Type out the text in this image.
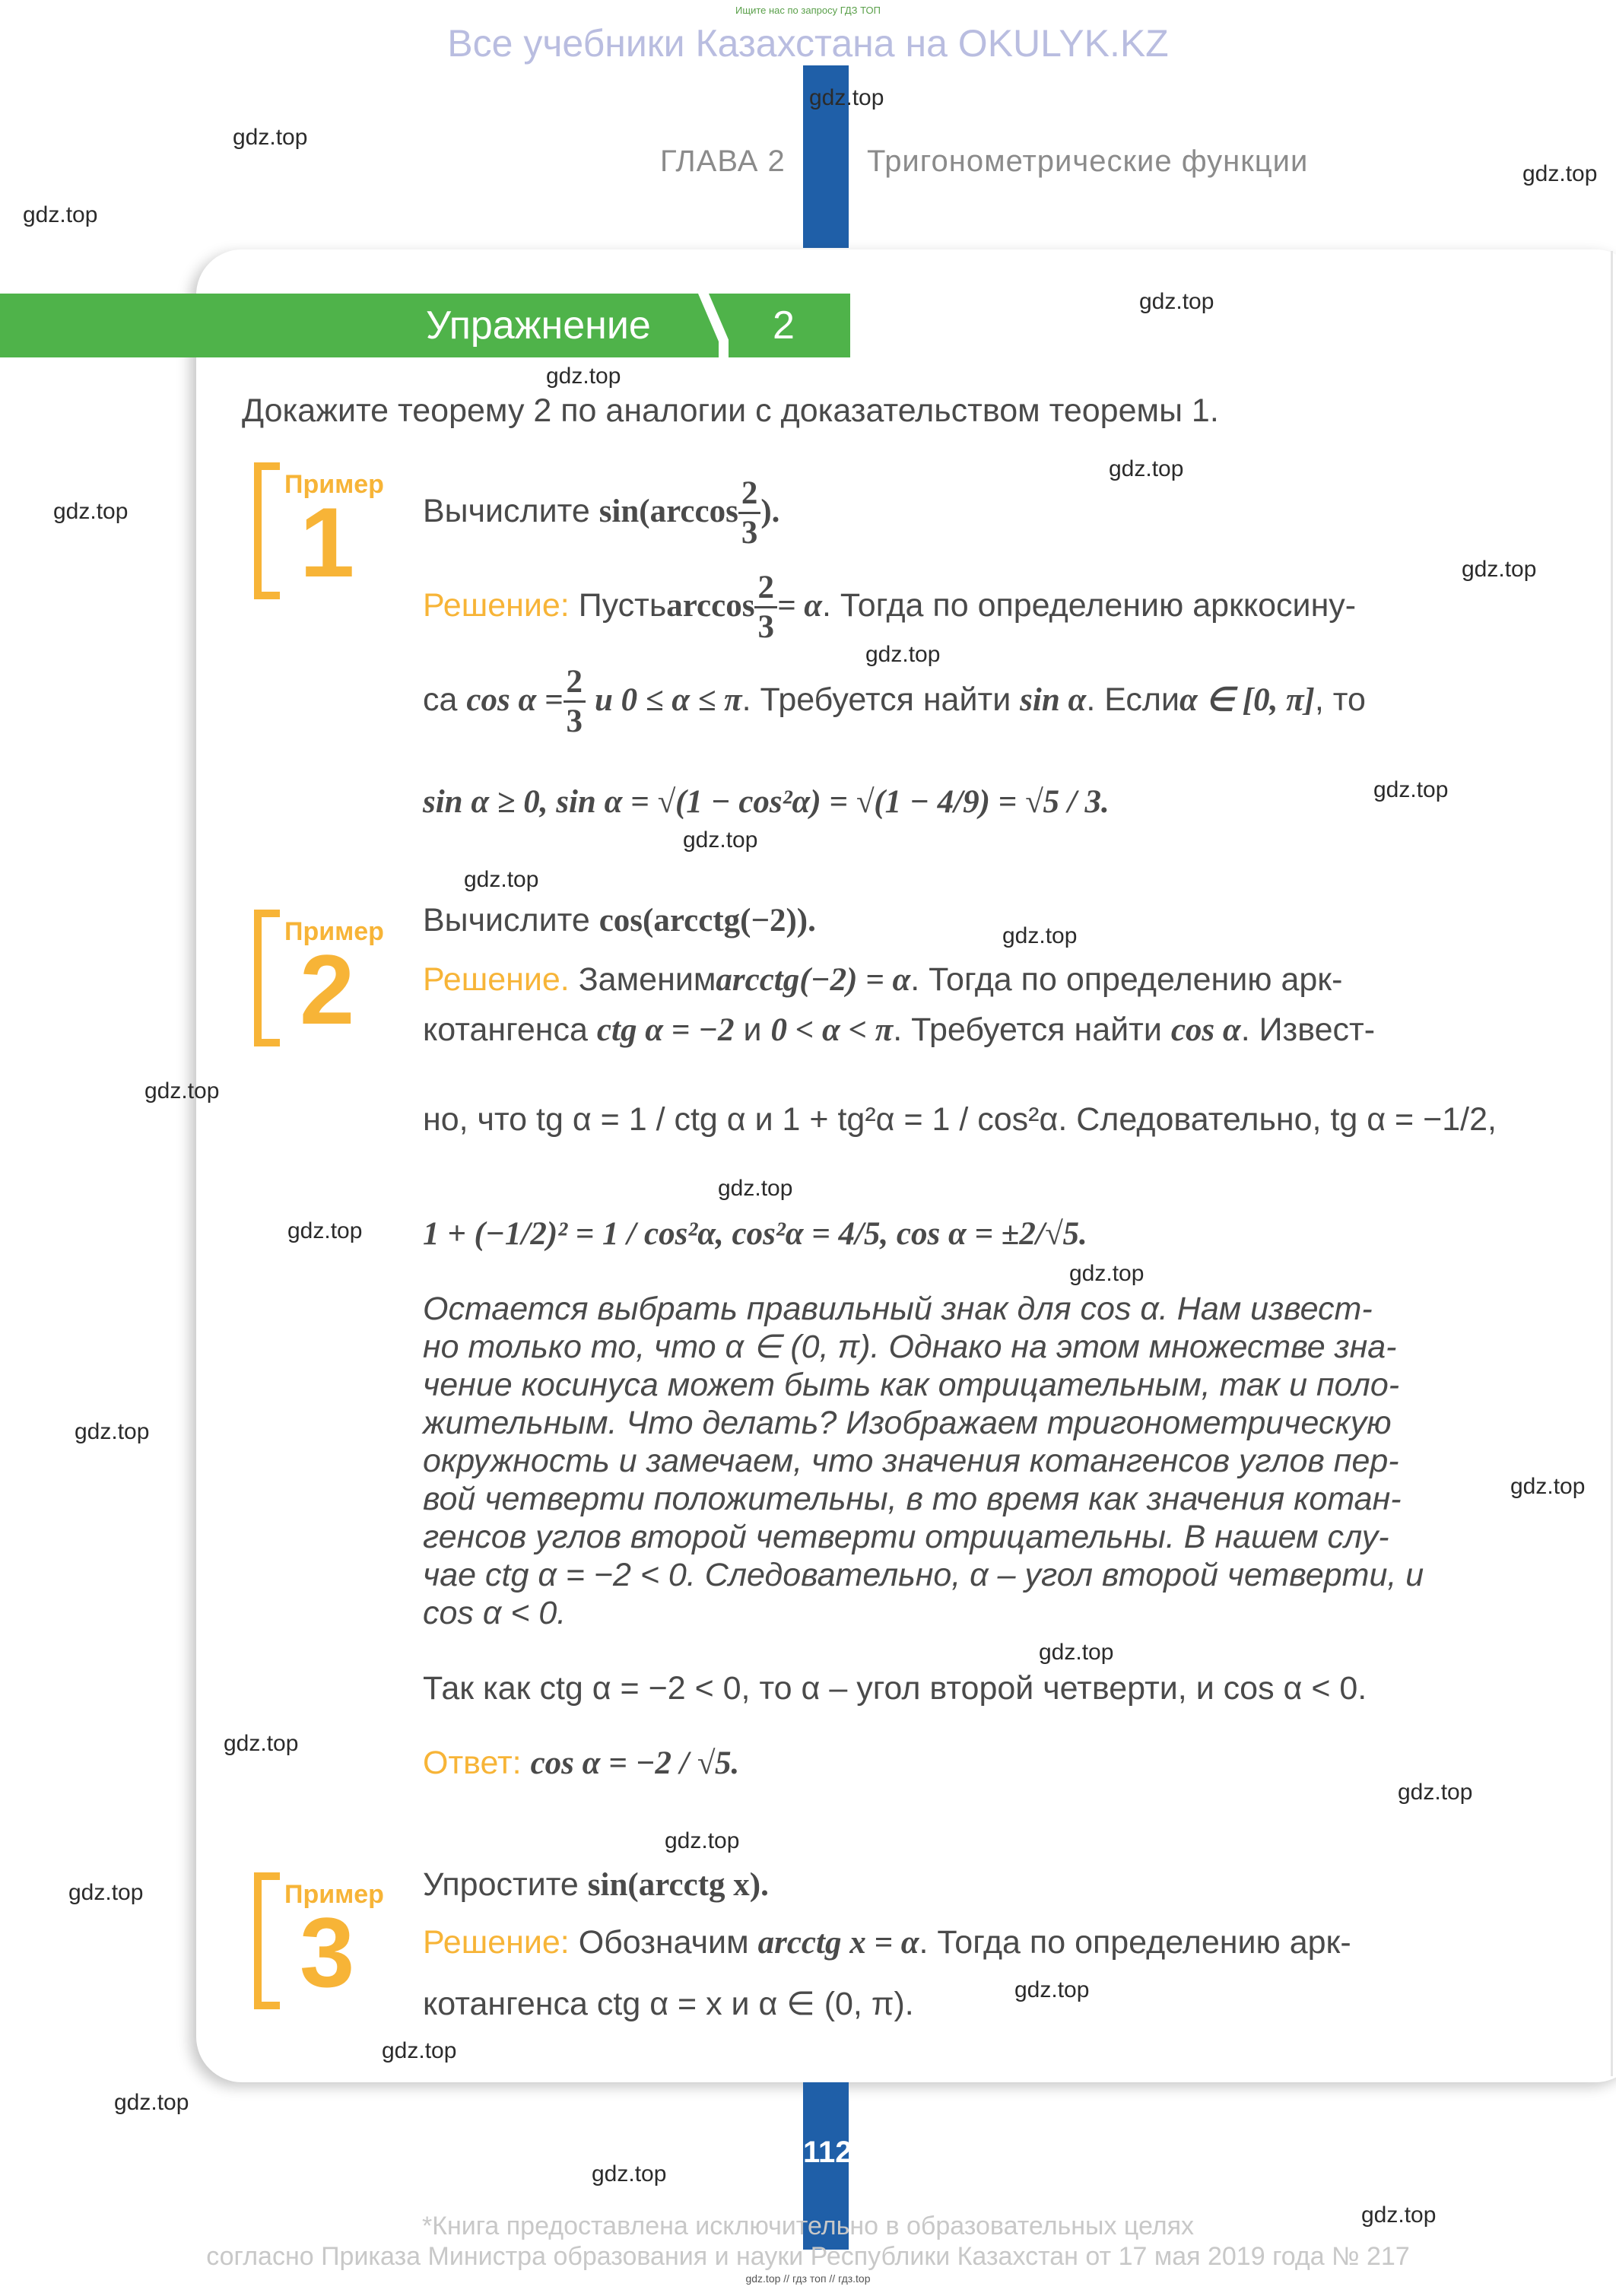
Ищите нас по запросу ГДЗ ТОП
Все учебники Казахстана на OKULYK.KZ
ГЛАВА 2	Тригонометрические функции
Упражнение	2
Докажите теорему 2 по аналогии с доказательством теоремы 1.
Пример
1 Вычислите $\sin(\arccos \frac{2}{3}$ ).
Решение: Пустьarccos $\frac{2}{3} = \alpha$. Тогда по определению арккосину-
са $\cos \alpha = \frac{2}{3}$ и 0 ≤ α ≤ π. Требуется найти sin α. Еслиα ∈ [0, π], то
sin α ≥ 0, sin α = √(1 − cos²α) = √(1 − 4/9) = √5 / 3.
Пример
2
Вычислите cos(arcctg(−2)).
Решение. Заменимarcctg(−2) = α. Тогда по определению арк-
котангенса ctg α = −2 и 0 < α < π. Требуется найти cos α. Извест-
но, что tg α = 1 / ctg α и 1 + tg²α = 1 / cos²α. Следовательно, tg α = −1/2,
1 + (−1/2)² = 1 / cos²α, cos²α = 4/5, cos α = ±2/√5.
Остается выбрать правильный знак для cos α. Нам извест-
но только то, что α ∈ (0, π). Однако на этом множестве зна-
чение косинуса может быть как отрицательным, так и поло-
жительным. Что делать? Изображаем тригонометрическую
окружность и замечаем, что значения котангенсов углов пер-
вой четверти положительны, в то время как значения котан-
генсов углов второй четверти отрицательны. В нашем слу-
чае ctg α = −2 < 0. Следовательно, α – угол второй четверти, и
cos α < 0.
Так как ctg α = −2 < 0, то α – угол второй четверти, и cos α < 0.
Ответ: cos α = −2 / √5.
Пример
3
Упростите sin(arcctg x).
Решение: Обозначим arcctg x = α. Тогда по определению арк-
котангенса ctg α = x и α ∈ (0, π).
112
*Книга предоставлена исключительно в образовательных целях
согласно Приказа Министра образования и науки Республики Казахстан от 17 мая 2019 года № 217
gdz.top // гдз топ // гдз.top
gdz.top
gdz.top
gdz.top
gdz.top
gdz.top
gdz.top
gdz.top
gdz.top
gdz.top
gdz.top
gdz.top
gdz.top
gdz.top
gdz.top
gdz.top
gdz.top
gdz.top
gdz.top
gdz.top
gdz.top
gdz.top
gdz.top
gdz.top
gdz.top
gdz.top
gdz.top
gdz.top
gdz.top
gdz.top
gdz.top
